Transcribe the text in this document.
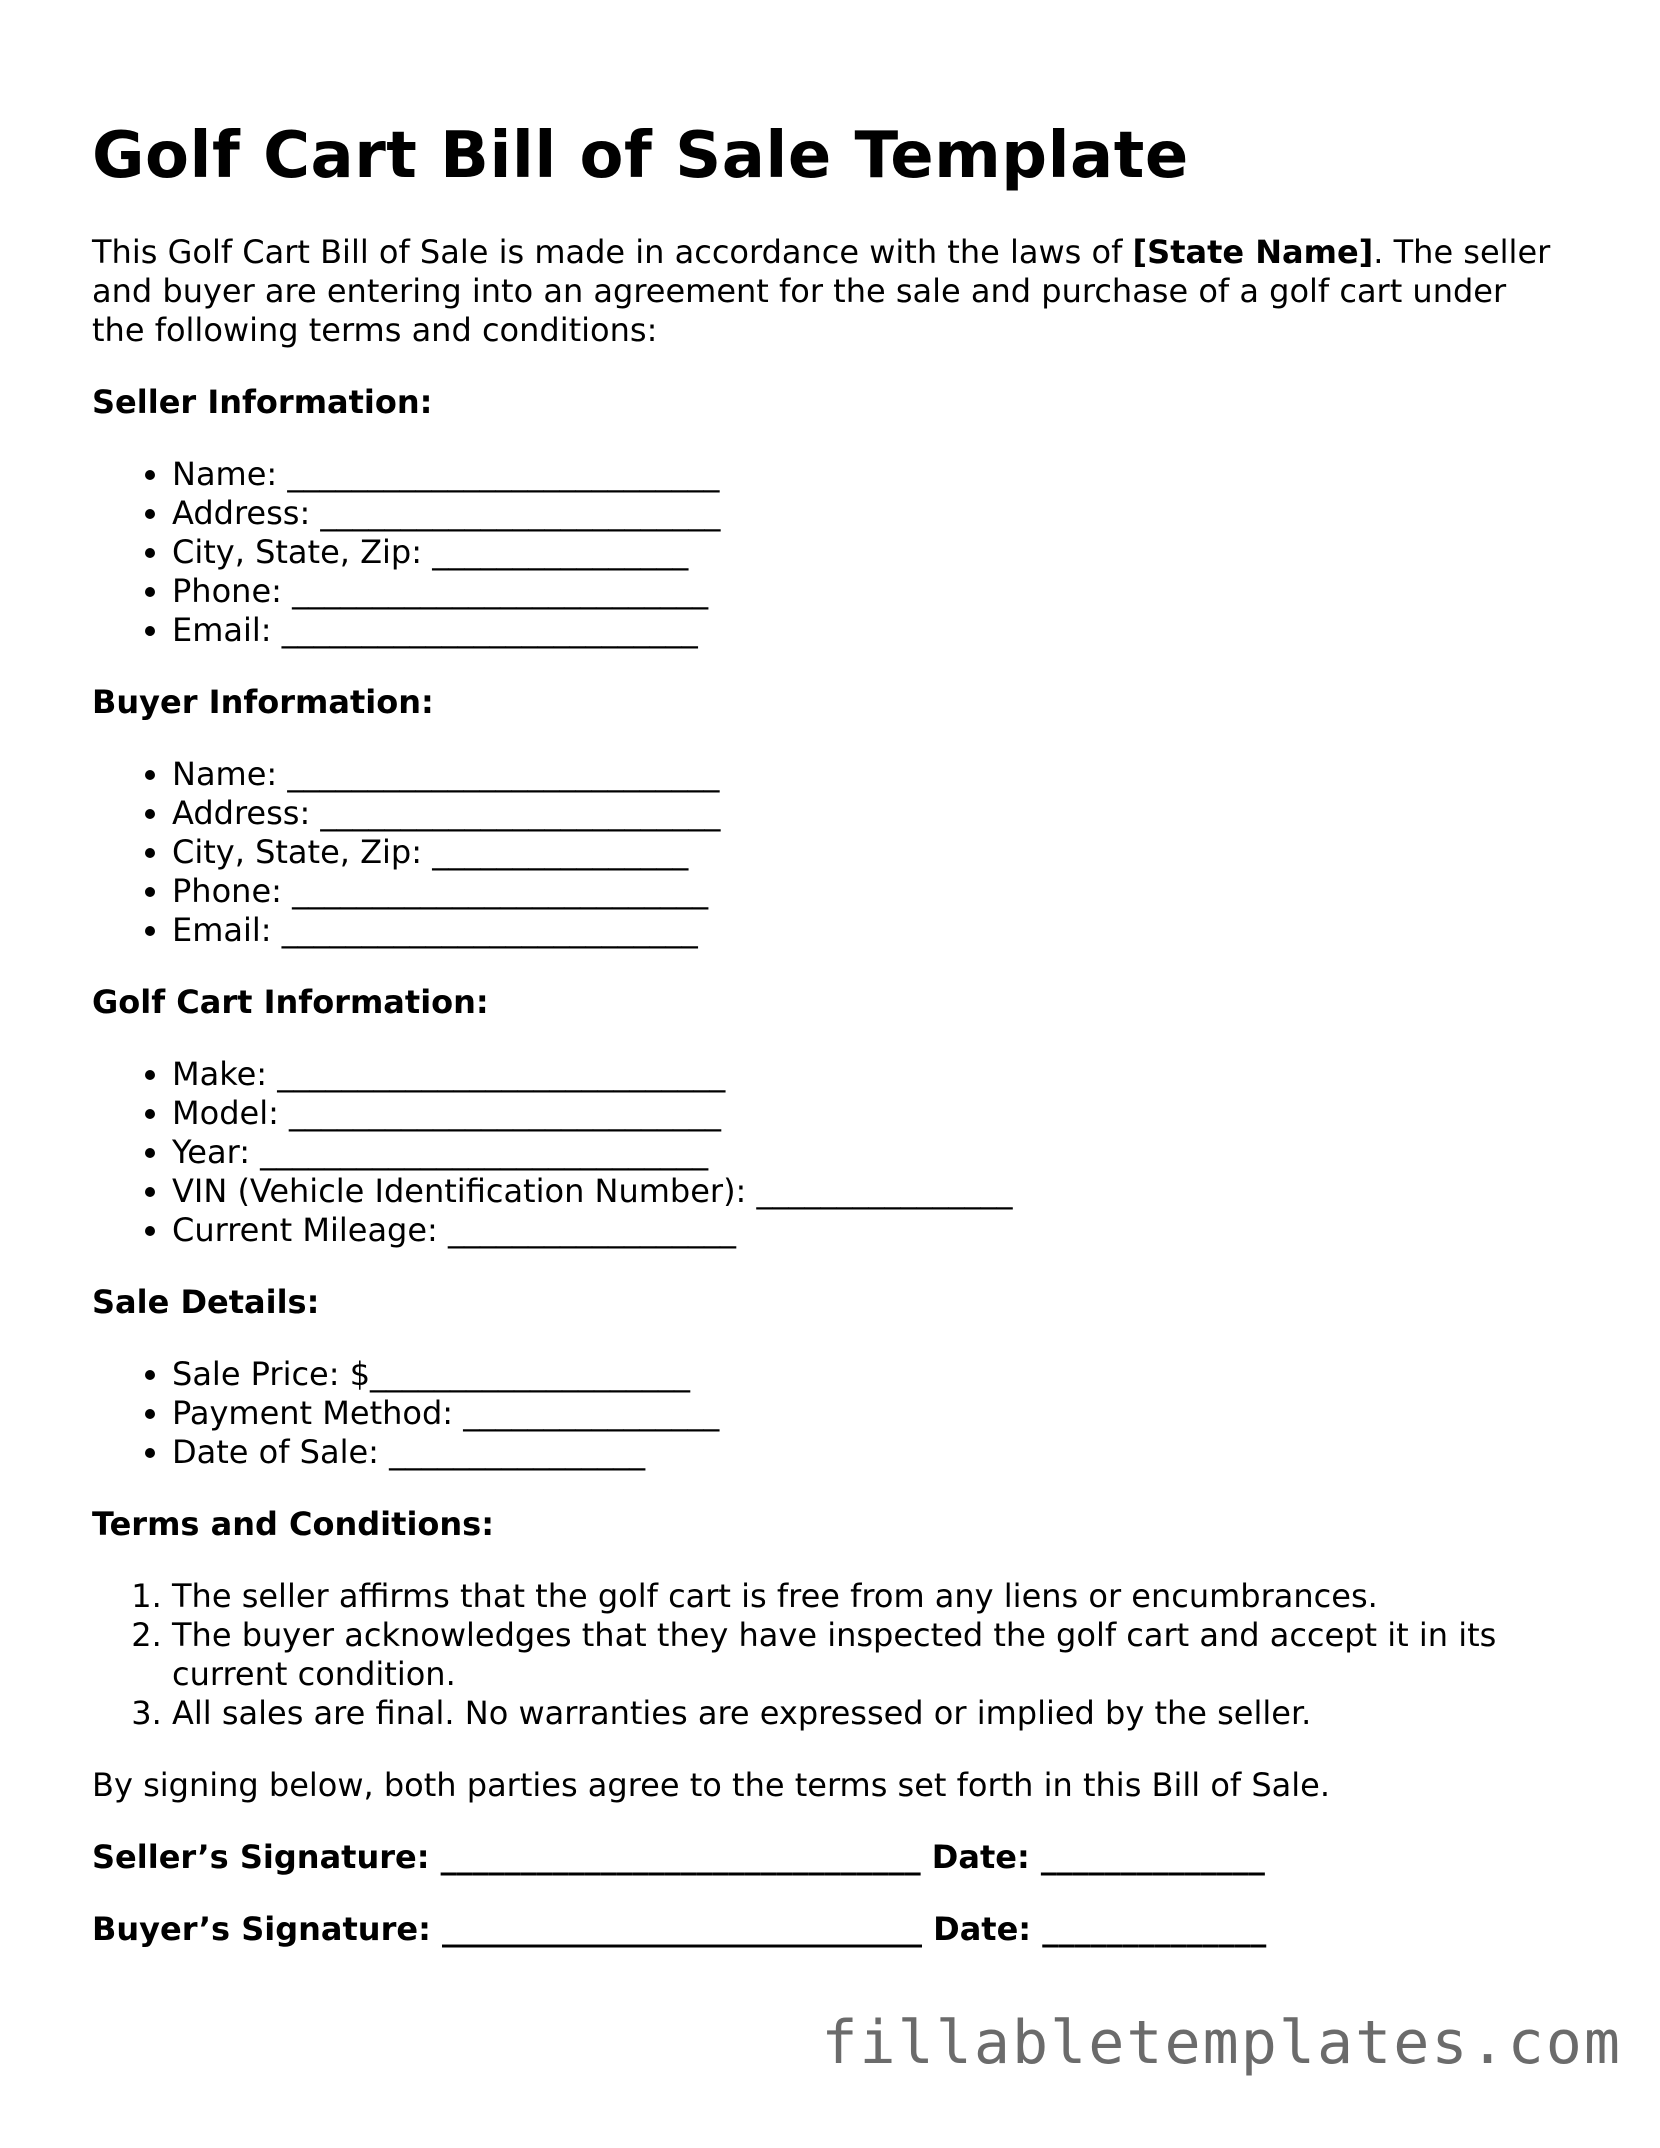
Golf Cart Bill of Sale Template

This Golf Cart Bill of Sale is made in accordance with the laws of [State Name]. The seller and buyer are entering into an agreement for the sale and purchase of a golf cart under the following terms and conditions:

Seller Information:
• Name: ___________________________
• Address: _________________________
• City, State, Zip: ________________
• Phone: __________________________
• Email: __________________________
Buyer Information:
• Name: ___________________________
• Address: _________________________
• City, State, Zip: ________________
• Phone: __________________________
• Email: __________________________
Golf Cart Information:
• Make: ____________________________
• Model: ___________________________
• Year: ____________________________
• VIN (Vehicle Identification Number): ________________
• Current Mileage: __________________
Sale Details:
• Sale Price: $____________________
• Payment Method: ________________
• Date of Sale: ________________
Terms and Conditions:
1. The seller affirms that the golf cart is free from any liens or encumbrances.
2. The buyer acknowledges that they have inspected the golf cart and accept it in its current condition.
3. All sales are final. No warranties are expressed or implied by the seller.

By signing below, both parties agree to the terms set forth in this Bill of Sale.

Seller’s Signature: ______________________________ Date: ______________
Buyer’s Signature: ______________________________ Date: ______________
fillabletemplates.com
